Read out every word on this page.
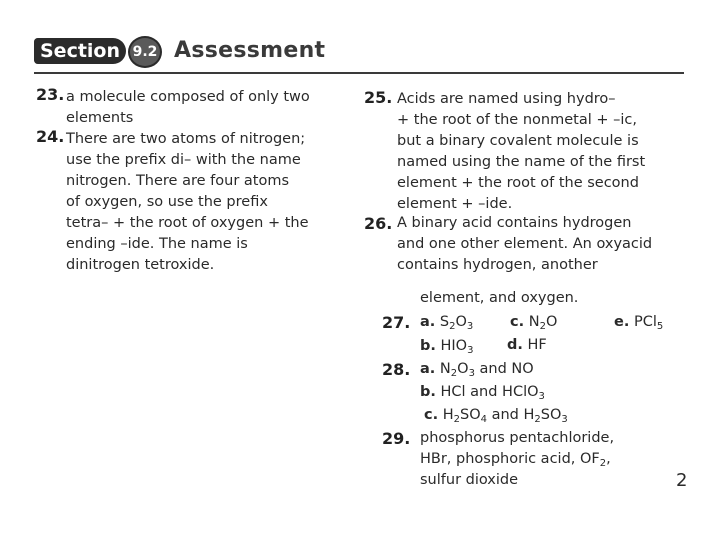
Section 9.2 Assessment
23. a molecule composed of only two
elements
24. There are two atoms of nitrogen;
use the prefix di– with the name
nitrogen. There are four atoms
of oxygen, so use the prefix
tetra– + the root of oxygen + the
ending –ide. The name is
dinitrogen tetroxide.
25. Acids are named using hydro–
+ the root of the nonmetal + –ic,
but a binary covalent molecule is
named using the name of the first
element + the root of the second
element + –ide.
26. A binary acid contains hydrogen
and one other element. An oxyacid
contains hydrogen, another
element, and oxygen.
27. a. $S_2O_3$	c. $N_2O$	e. PCl$_5$
b. $HIO_3$ d. HF
28. a. $N_2O_3$ and NO
b. HCl and HClO$_3$
c. $H_2SO_4$ and $H_2SO_3$
29. phosphorus pentachloride,
HBr, phosphoric acid, $OF_2$,
sulfur dioxide	2
